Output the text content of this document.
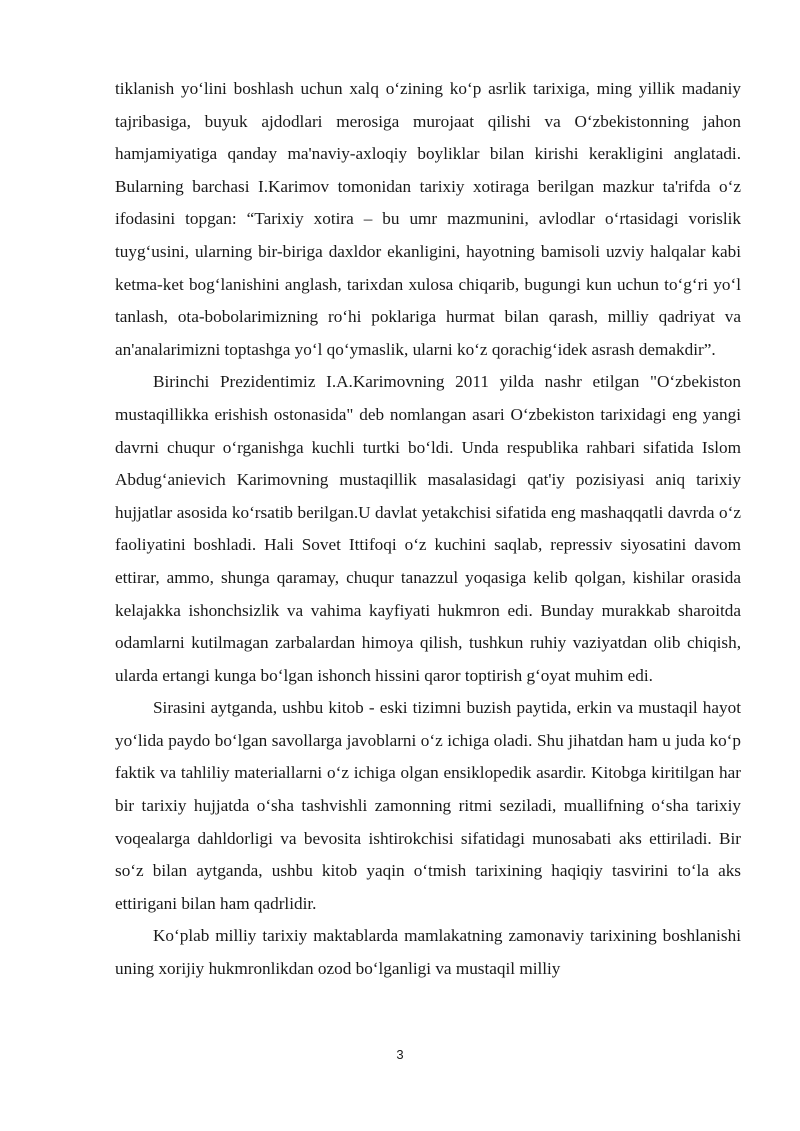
tiklanish yo‘lini boshlash uchun xalq o‘zining ko‘p asrlik tarixiga, ming yillik madaniy tajribasiga, buyuk ajdodlari merosiga murojaat qilishi va O‘zbekistonning jahon hamjamiyatiga qanday ma'naviy-axloqiy boyliklar bilan kirishi kerakligini anglatadi. Bularning barchasi I.Karimov tomonidan tarixiy xotiraga berilgan mazkur ta'rifda o‘z ifodasini topgan: “Tarixiy xotira – bu umr mazmunini, avlodlar o‘rtasidagi vorislik tuyg‘usini, ularning bir-biriga daxldor ekanligini, hayotning bamisoli uzviy halqalar kabi ketma-ket bog‘lanishini anglash, tarixdan xulosa chiqarib, bugungi kun uchun to‘g‘ri yo‘l tanlash, ota-bobolarimizning ro‘hi poklariga hurmat bilan qarash, milliy qadriyat va an'analarimizni toptashga yo‘l qo‘ymaslik, ularni ko‘z qorachig‘idek asrash demakdir”.

Birinchi Prezidentimiz I.A.Karimovning 2011 yilda nashr etilgan "O‘zbekiston mustaqillikka erishish ostonasida" deb nomlangan asari O‘zbekiston tarixidagi eng yangi davrni chuqur o‘rganishga kuchli turtki bo‘ldi. Unda respublika rahbari sifatida Islom Abdug‘anievich Karimovning mustaqillik masalasidagi qat'iy pozisiyasi aniq tarixiy hujjatlar asosida ko‘rsatib berilgan.U davlat yetakchisi sifatida eng mashaqqatli davrda o‘z faoliyatini boshladi. Hali Sovet Ittifoqi o‘z kuchini saqlab, repressiv siyosatini davom ettirar, ammo, shunga qaramay, chuqur tanazzul yoqasiga kelib qolgan, kishilar orasida kelajakka ishonchsizlik va vahima kayfiyati hukmron edi. Bunday murakkab sharoitda odamlarni kutilmagan zarbalardan himoya qilish, tushkun ruhiy vaziyatdan olib chiqish, ularda ertangi kunga bo‘lgan ishonch hissini qaror toptirish g‘oyat muhim edi.

Sirasini aytganda, ushbu kitob - eski tizimni buzish paytida, erkin va mustaqil hayot yo‘lida paydo bo‘lgan savollarga javoblarni o‘z ichiga oladi. Shu jihatdan ham u juda ko‘p faktik va tahliliy materiallarni o‘z ichiga olgan ensiklopedik asardir. Kitobga kiritilgan har bir tarixiy hujjatda o‘sha tashvishli zamonning ritmi seziladi, muallifning o‘sha tarixiy voqealarga dahldorligi va bevosita ishtirokchisi sifatidagi munosabati aks ettiriladi. Bir so‘z bilan aytganda, ushbu kitob yaqin o‘tmish tarixining haqiqiy tasvirini to‘la aks ettirigani bilan ham qadrlidir.

Ko‘plab milliy tarixiy maktablarda mamlakatning zamonaviy tarixining boshlanishi uning xorijiy hukmronlikdan ozod bo‘lganligi va mustaqil milliy

3
